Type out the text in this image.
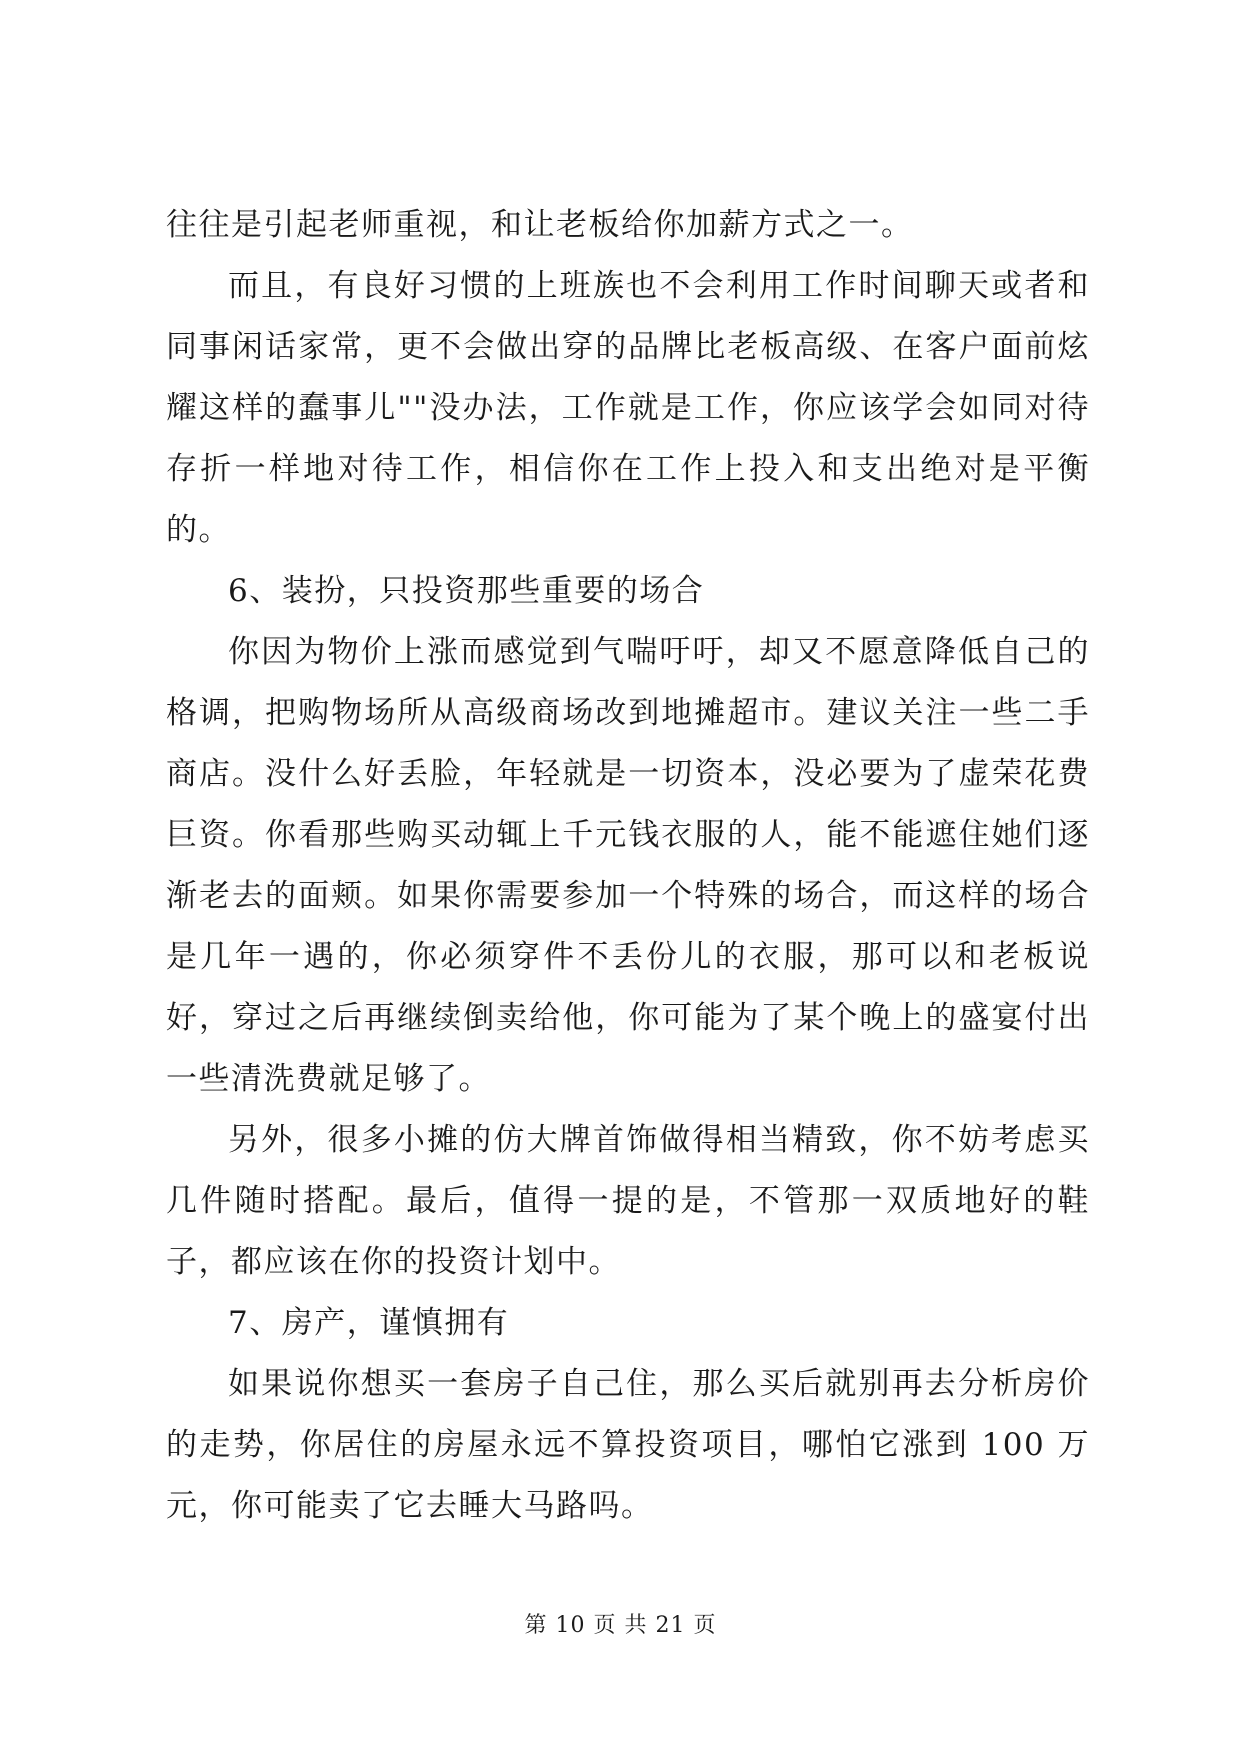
往往是引起老师重视，和让老板给你加薪方式之一。

而且，有良好习惯的上班族也不会利用工作时间聊天或者和同事闲话家常，更不会做出穿的品牌比老板高级、在客户面前炫耀这样的蠢事儿""没办法，工作就是工作，你应该学会如同对待存折一样地对待工作，相信你在工作上投入和支出绝对是平衡的。

6、装扮，只投资那些重要的场合

你因为物价上涨而感觉到气喘吁吁，却又不愿意降低自己的格调，把购物场所从高级商场改到地摊超市。建议关注一些二手商店。没什么好丢脸，年轻就是一切资本，没必要为了虚荣花费巨资。你看那些购买动辄上千元钱衣服的人，能不能遮住她们逐渐老去的面颊。如果你需要参加一个特殊的场合，而这样的场合是几年一遇的，你必须穿件不丢份儿的衣服，那可以和老板说好，穿过之后再继续倒卖给他，你可能为了某个晚上的盛宴付出一些清洗费就足够了。

另外，很多小摊的仿大牌首饰做得相当精致，你不妨考虑买几件随时搭配。最后，值得一提的是，不管那一双质地好的鞋子，都应该在你的投资计划中。

7、房产，谨慎拥有

如果说你想买一套房子自己住，那么买后就别再去分析房价的走势，你居住的房屋永远不算投资项目，哪怕它涨到 100 万元，你可能卖了它去睡大马路吗。

第 10 页 共 21 页
